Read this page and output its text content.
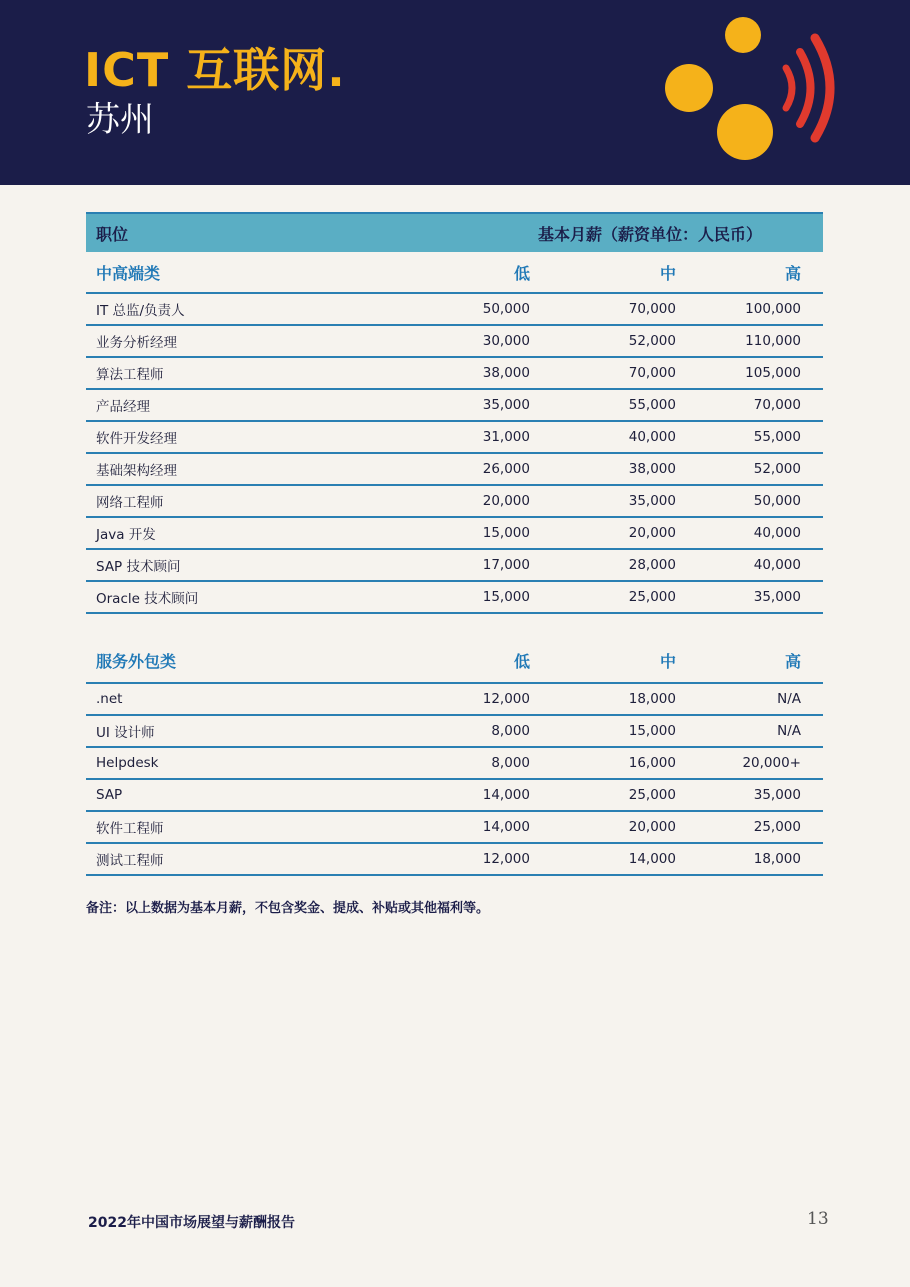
ICT 互联网.
苏州
职位	基本月薪（薪资单位：人民币）
中高端类	低	中	高
IT 总监/负责人	50,000	70,000	100,000
业务分析经理	30,000	52,000	110,000
算法工程师	38,000	70,000	105,000
产品经理	35,000	55,000	70,000
软件开发经理	31,000	40,000	55,000
基础架构经理	26,000	38,000	52,000
网络工程师	20,000	35,000	50,000
Java 开发	15,000	20,000	40,000
SAP 技术顾问	17,000	28,000	40,000
Oracle 技术顾问	15,000	25,000	35,000
服务外包类	低	中	高
.net	12,000	18,000	N/A
UI 设计师	8,000	15,000	N/A
Helpdesk	8,000	16,000	20,000+
SAP	14,000	25,000	35,000
软件工程师	14,000	20,000	25,000
测试工程师	12,000	14,000	18,000
备注：以上数据为基本月薪，不包含奖金、提成、补贴或其他福利等。
2022年中国市场展望与薪酬报告	13
